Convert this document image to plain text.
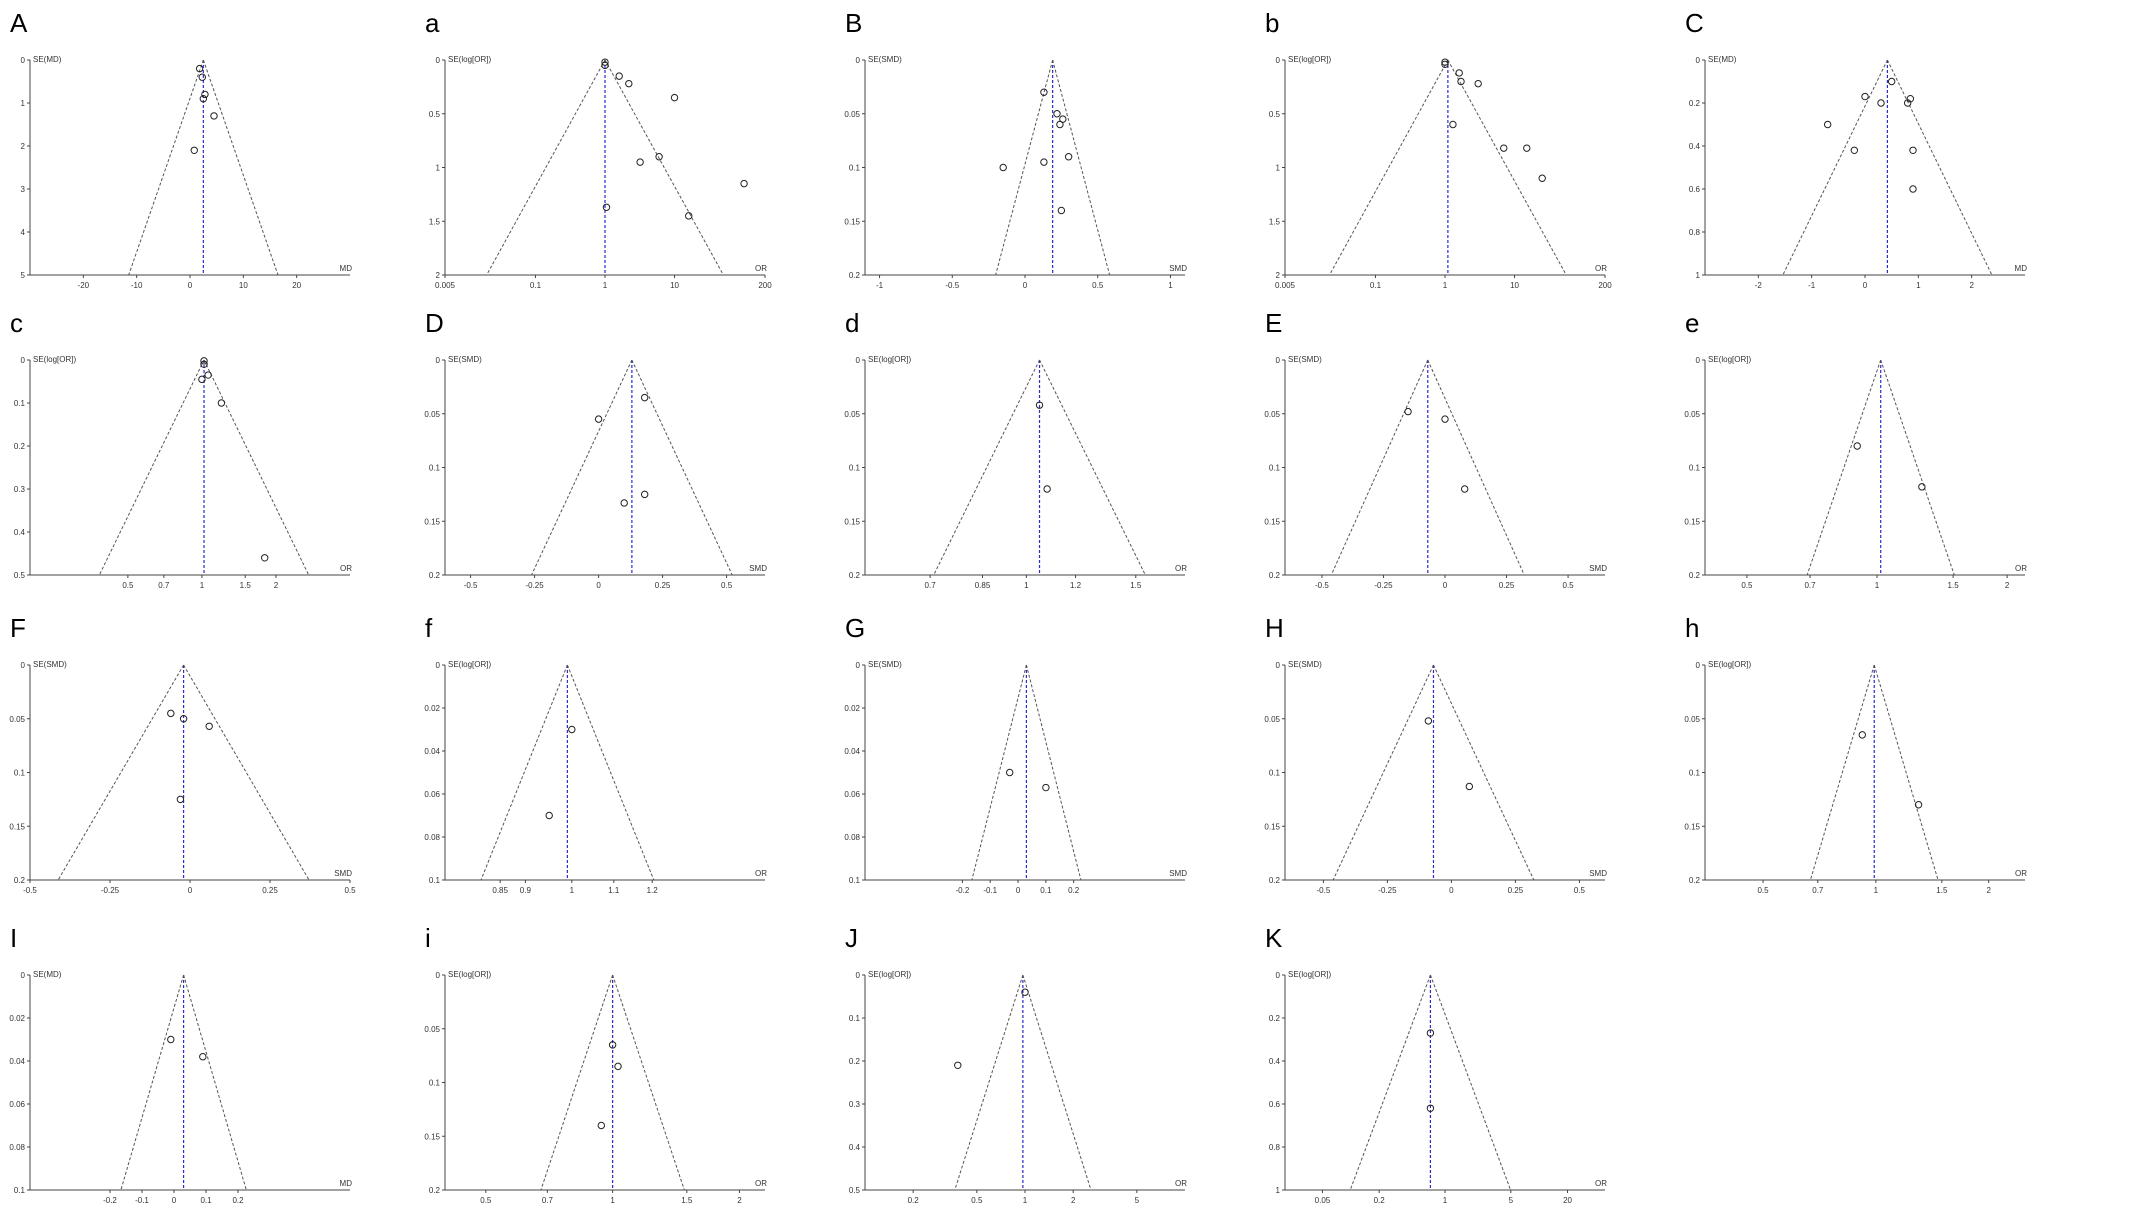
A
0
1
2
3
4
5
-20	-10	0	10	20
SE(MD)
MD
a
0
0.5
1
1.5
2
0.005	0.1	1	10	200
SE(log[OR])
OR
B
0
0.05
0.1
0.15
0.2
-1	-0.5	0	0.5	1
SE(SMD)
SMD
b
0
0.5
1
1.5
2
0.005	0.1	1	10	200
SE(log[OR])
OR
C
0
0.2
0.4
0.6
0.8
1
-2	-1	0	1	2
SE(MD)
MD
c
0
0.1
0.2
0.3
0.4
0.5
0.5	0.7	1	1.5	2
SE(log[OR])
OR
D
0
0.05
0.1
0.15
0.2
-0.5	-0.25	0	0.25	0.5
SE(SMD)
SMD
d
0
0.05
0.1
0.15
0.2
0.7	0.85	1	1.2	1.5
SE(log[OR])
OR
E
0
0.05
0.1
0.15
0.2
-0.5	-0.25	0	0.25	0.5
SE(SMD)
SMD
e
0
0.05
0.1
0.15
0.2
0.5	0.7	1	1.5	2
SE(log[OR])
OR
F
0
0.05
0.1
0.15
0.2
-0.5	-0.25	0	0.25	0.5
SE(SMD)
SMD
f
0
0.02
0.04
0.06
0.08
0.1
0.85 0.9	1	1.1	1.2
SE(log[OR])
OR
G
0
0.02
0.04
0.06
0.08
0.1
-0.2 -0.1 0	0.1 0.2
SE(SMD)
SMD
H
0
0.05
0.1
0.15
0.2
-0.5	-0.25	0	0.25	0.5
SE(SMD)
SMD
h
0
0.05
0.1
0.15
0.2
0.5	0.7	1	1.5	2
SE(log[OR])
OR
I
0
0.02
0.04
0.06
0.08
0.1
-0.2 -0.1	0	0.1	0.2
SE(MD)
MD
i
0
0.05
0.1
0.15
0.2
0.5	0.7	1	1.5	2
SE(log[OR])
OR
J
0
0.1
0.2
0.3
0.4
0.5
0.2	0.5	1	2	5
SE(log[OR])
OR
K
0
0.2
0.4
0.6
0.8
1
0.05	0.2	1	5	20
SE(log[OR])
OR
